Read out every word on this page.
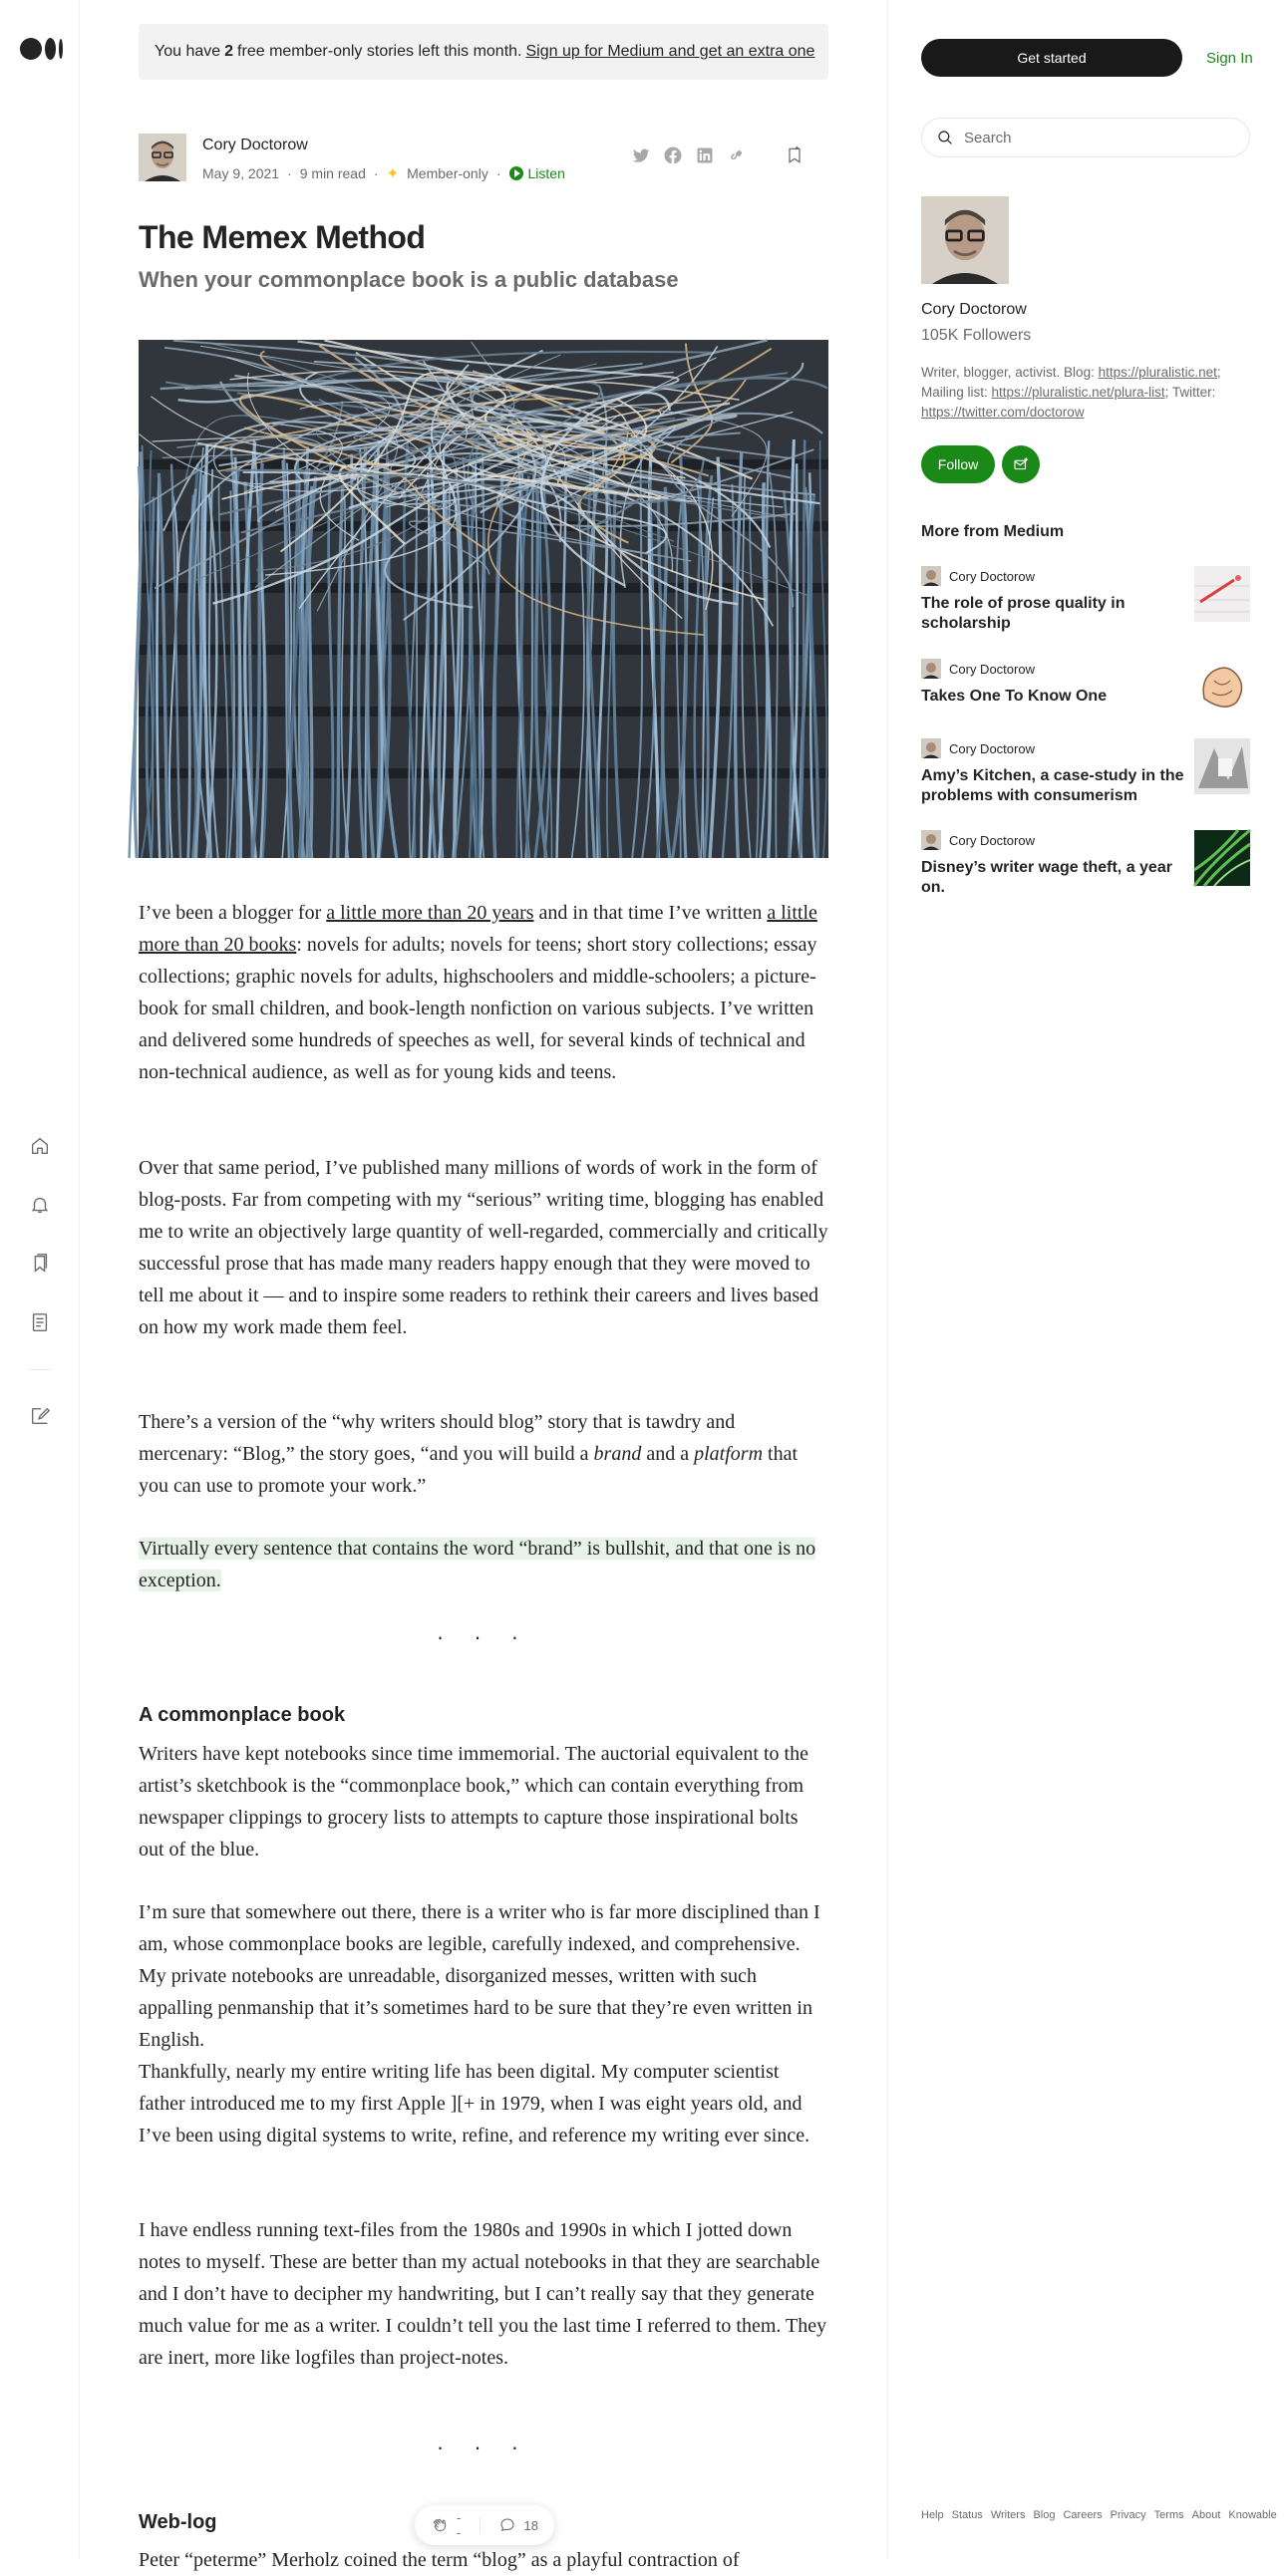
You have 2 free member-only stories left this month. Sign up for Medium and get an extra one
Cory Doctorow
May 9, 2021 · 9 min read · ✦ Member-only · Listen
The Memex Method
When your commonplace book is a public database

I’ve been a blogger for a little more than 20 years and in that time I’ve written a little more than 20 books: novels for adults; novels for teens; short story collections; essay collections; graphic novels for adults, highschoolers and middle-schoolers; a picture-book for small children, and book-length nonfiction on various subjects. I’ve written and delivered some hundreds of speeches as well, for several kinds of technical and non-technical audience, as well as for young kids and teens.

Over that same period, I’ve published many millions of words of work in the form of blog-posts. Far from competing with my “serious” writing time, blogging has enabled me to write an objectively large quantity of well-regarded, commercially and critically successful prose that has made many readers happy enough that they were moved to tell me about it — and to inspire some readers to rethink their careers and lives based on how my work made them feel.

There’s a version of the “why writers should blog” story that is tawdry and mercenary: “Blog,” the story goes, “and you will build a brand and a platform that you can use to promote your work.”

Virtually every sentence that contains the word “brand” is bullshit, and that one is no exception.

· · ·
A commonplace book

Writers have kept notebooks since time immemorial. The auctorial equivalent to the artist’s sketchbook is the “commonplace book,” which can contain everything from newspaper clippings to grocery lists to attempts to capture those inspirational bolts out of the blue.

I’m sure that somewhere out there, there is a writer who is far more disciplined than I am, whose commonplace books are legible, carefully indexed, and comprehensive. My private notebooks are unreadable, disorganized messes, written with such appalling penmanship that it’s sometimes hard to be sure that they’re even written in English.

Thankfully, nearly my entire writing life has been digital. My computer scientist father introduced me to my first Apple ][+ in 1979, when I was eight years old, and I’ve been using digital systems to write, refine, and reference my writing ever since.

I have endless running text-files from the 1980s and 1990s in which I jotted down notes to myself. These are better than my actual notebooks in that they are searchable and I don’t have to decipher my handwriting, but I can’t really say that they generate much value for me as a writer. I couldn’t tell you the last time I referred to them. They are inert, more like logfiles than project-notes.

· · ·
Web-log

Peter “peterme” Merholz coined the term “blog” as a playful contraction of

--	18
Get started	Sign In
Search
Cory Doctorow
105K Followers
Writer, blogger, activist. Blog: https://pluralistic.net; Mailing list: https://pluralistic.net/plura-list; Twitter: https://twitter.com/doctorow
Follow
More from Medium
Cory Doctorow
The role of prose quality in scholarship
Cory Doctorow
Takes One To Know One
Cory Doctorow
Amy’s Kitchen, a case-study in the problems with consumerism
Cory Doctorow
Disney’s writer wage theft, a year on.
Help Status Writers Blog Careers Privacy Terms About Knowable
